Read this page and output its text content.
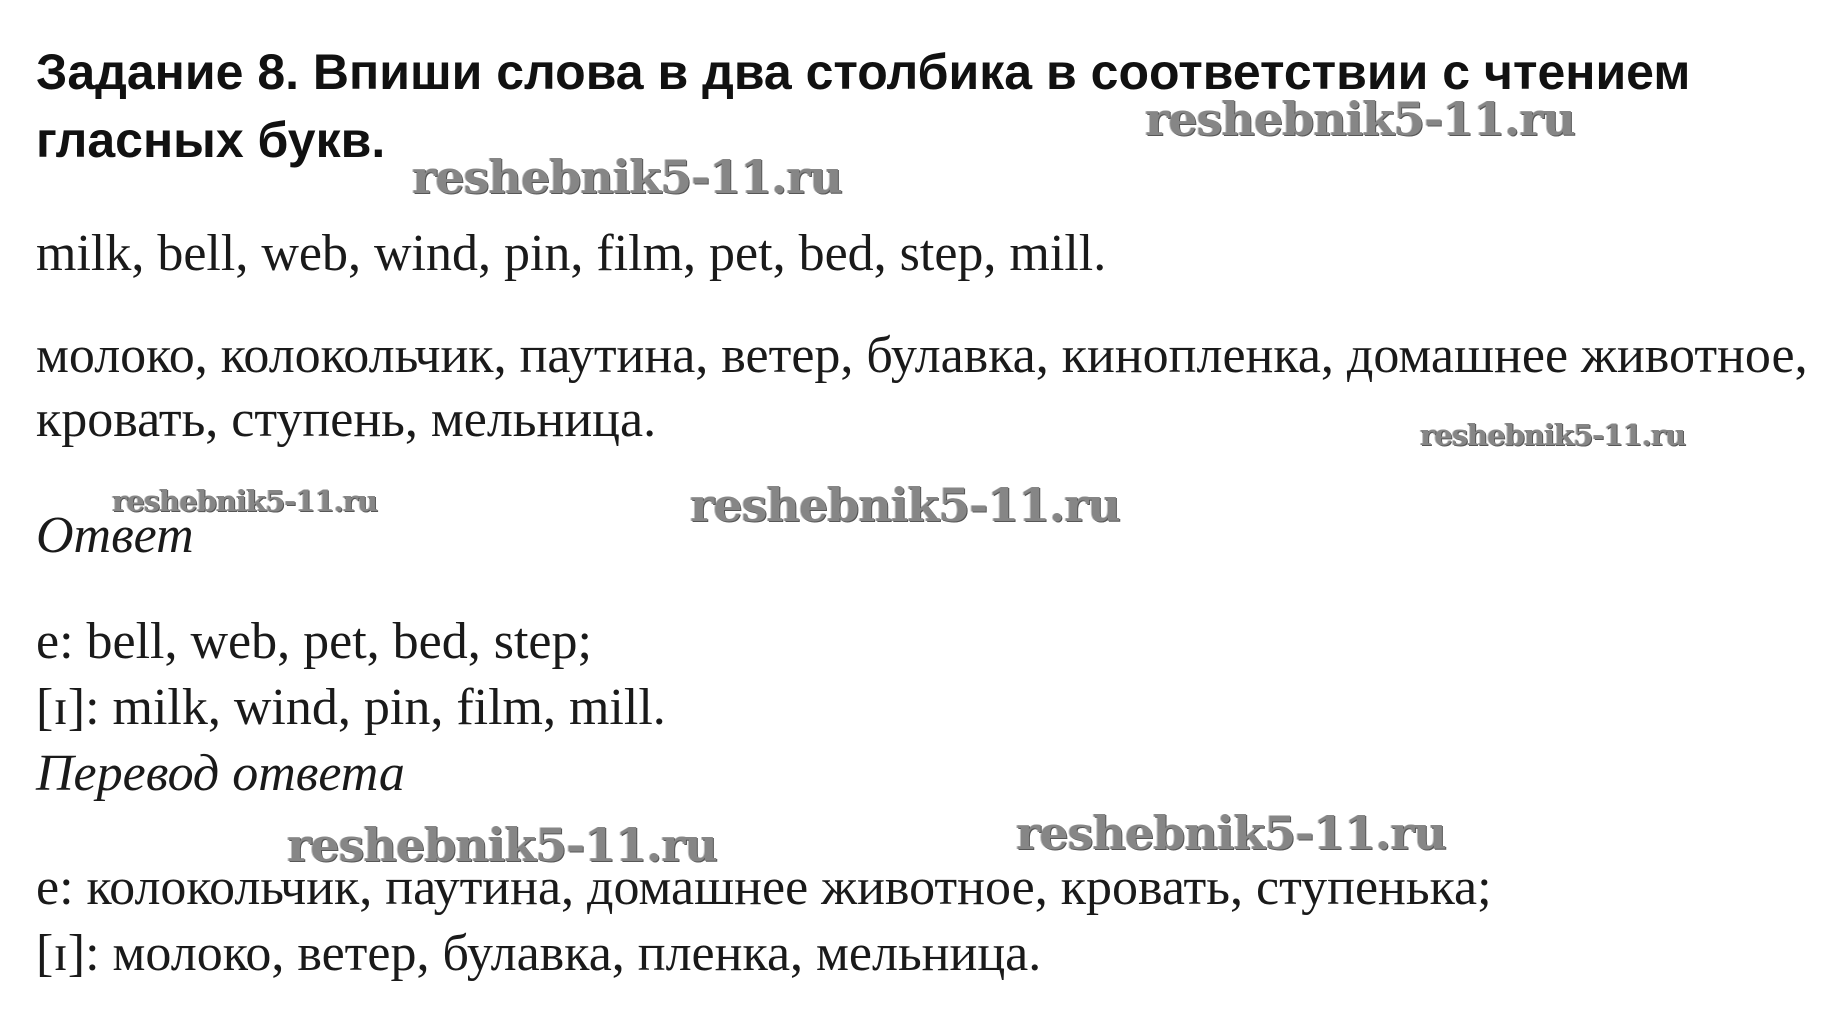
Задание 8. Впиши слова в два столбика в соответствии с чтением гласных букв.
milk, bell, web, wind, pin, film, pet, bed, step, mill.
молоко, колокольчик, паутина, ветер, булавка, кинопленка, домашнее животное, кровать, ступень, мельница.
Ответ
e: bell, web, pet, bed, step;
[ɪ]: milk, wind, pin, film, mill.
Перевод ответа
e: колокольчик, паутина, домашнее животное, кровать, ступенька;
[ɪ]: молоко, ветер, булавка, пленка, мельница.
reshebnik5-11.ru
reshebnik5-11.ru
reshebnik5-11.ru
reshebnik5-11.ru	reshebnik5-11.ru
reshebnik5-11.ru
reshebnik5-11.ru
